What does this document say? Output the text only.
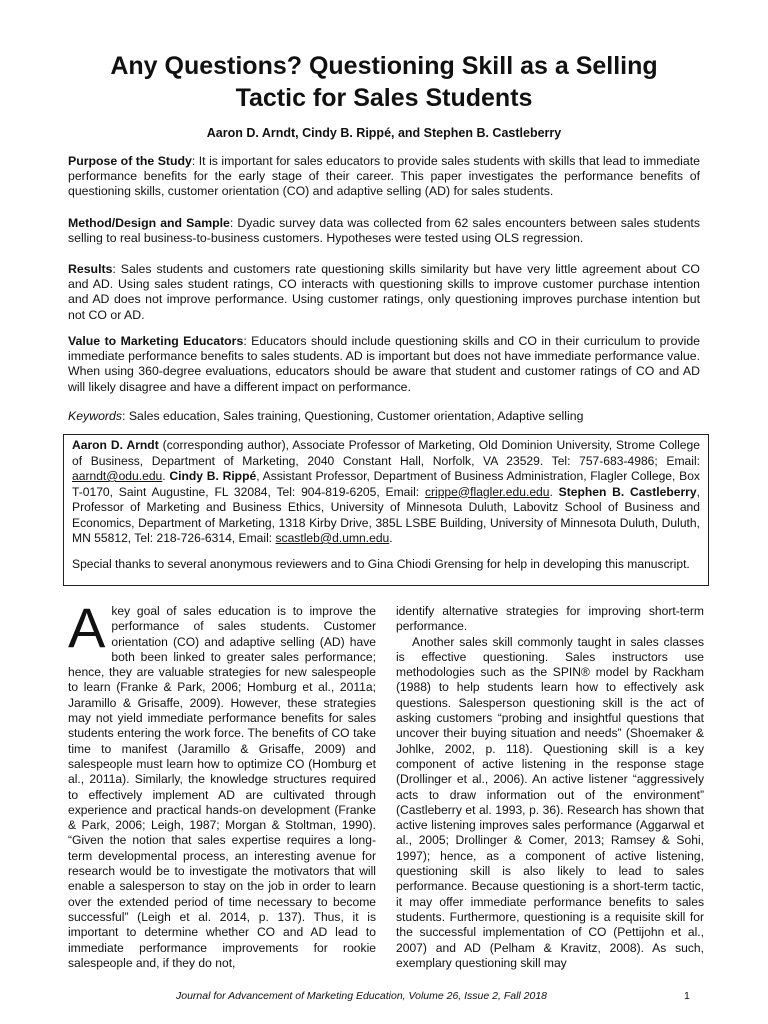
Any Questions? Questioning Skill as a Selling
Tactic for Sales Students

Aaron D. Arndt, Cindy B. Rippé, and Stephen B. Castleberry

Purpose of the Study: It is important for sales educators to provide sales students with skills that lead to immediate performance benefits for the early stage of their career. This paper investigates the performance benefits of questioning skills, customer orientation (CO) and adaptive selling (AD) for sales students.

Method/Design and Sample: Dyadic survey data was collected from 62 sales encounters between sales students selling to real business-to-business customers. Hypotheses were tested using OLS regression.

Results: Sales students and customers rate questioning skills similarity but have very little agreement about CO and AD. Using sales student ratings, CO interacts with questioning skills to improve customer purchase intention and AD does not improve performance. Using customer ratings, only questioning improves purchase intention but not CO or AD.

Value to Marketing Educators: Educators should include questioning skills and CO in their curriculum to provide immediate performance benefits to sales students. AD is important but does not have immediate performance value. When using 360-degree evaluations, educators should be aware that student and customer ratings of CO and AD will likely disagree and have a different impact on performance.

Keywords: Sales education, Sales training, Questioning, Customer orientation, Adaptive selling

Aaron D. Arndt (corresponding author), Associate Professor of Marketing, Old Dominion University, Strome College of Business, Department of Marketing, 2040 Constant Hall, Norfolk, VA 23529. Tel: 757-683-4986; Email: aarndt@odu.edu. Cindy B. Rippé, Assistant Professor, Department of Business Administration, Flagler College, Box T-0170, Saint Augustine, FL 32084, Tel: 904-819-6205, Email: crippe@flagler.edu.edu. Stephen B. Castleberry, Professor of Marketing and Business Ethics, University of Minnesota Duluth, Labovitz School of Business and Economics, Department of Marketing, 1318 Kirby Drive, 385L LSBE Building, University of Minnesota Duluth, Duluth, MN 55812, Tel: 218-726-6314, Email: scastleb@d.umn.edu.

Special thanks to several anonymous reviewers and to Gina Chiodi Grensing for help in developing this manuscript.

Akey goal of sales education is to improve the performance of sales students. Customer orientation (CO) and adaptive selling (AD) have both been linked to greater sales performance; hence, they are valuable strategies for new salespeople to learn (Franke & Park, 2006; Homburg et al., 2011a; Jaramillo & Grisaffe, 2009). However, these strategies may not yield immediate performance benefits for sales students entering the work force. The benefits of CO take time to manifest (Jaramillo & Grisaffe, 2009) and salespeople must learn how to optimize CO (Homburg et al., 2011a). Similarly, the knowledge structures required to effectively implement AD are cultivated through experience and practical hands-on development (Franke & Park, 2006; Leigh, 1987; Morgan & Stoltman, 1990). “Given the notion that sales expertise requires a long-term developmental process, an interesting avenue for research would be to investigate the motivators that will enable a salesperson to stay on the job in order to learn over the extended period of time necessary to become successful” (Leigh et al. 2014, p. 137). Thus, it is important to determine whether CO and AD lead to immediate performance improvements for rookie salespeople and, if they do not,

identify alternative strategies for improving short-term performance.

Another sales skill commonly taught in sales classes is effective questioning. Sales instructors use methodologies such as the SPIN® model by Rackham (1988) to help students learn how to effectively ask questions. Salesperson questioning skill is the act of asking customers “probing and insightful questions that uncover their buying situation and needs” (Shoemaker & Johlke, 2002, p. 118). Questioning skill is a key component of active listening in the response stage (Drollinger et al., 2006). An active listener “aggressively acts to draw information out of the environment” (Castleberry et al. 1993, p. 36). Research has shown that active listening improves sales performance (Aggarwal et al., 2005; Drollinger & Comer, 2013; Ramsey & Sohi, 1997); hence, as a component of active listening, questioning skill is also likely to lead to sales performance. Because questioning is a short-term tactic, it may offer immediate performance benefits to sales students. Furthermore, questioning is a requisite skill for the successful implementation of CO (Pettijohn et al., 2007) and AD (Pelham & Kravitz, 2008). As such, exemplary questioning skill may

Journal for Advancement of Marketing Education, Volume 26, Issue 2, Fall 2018	1
